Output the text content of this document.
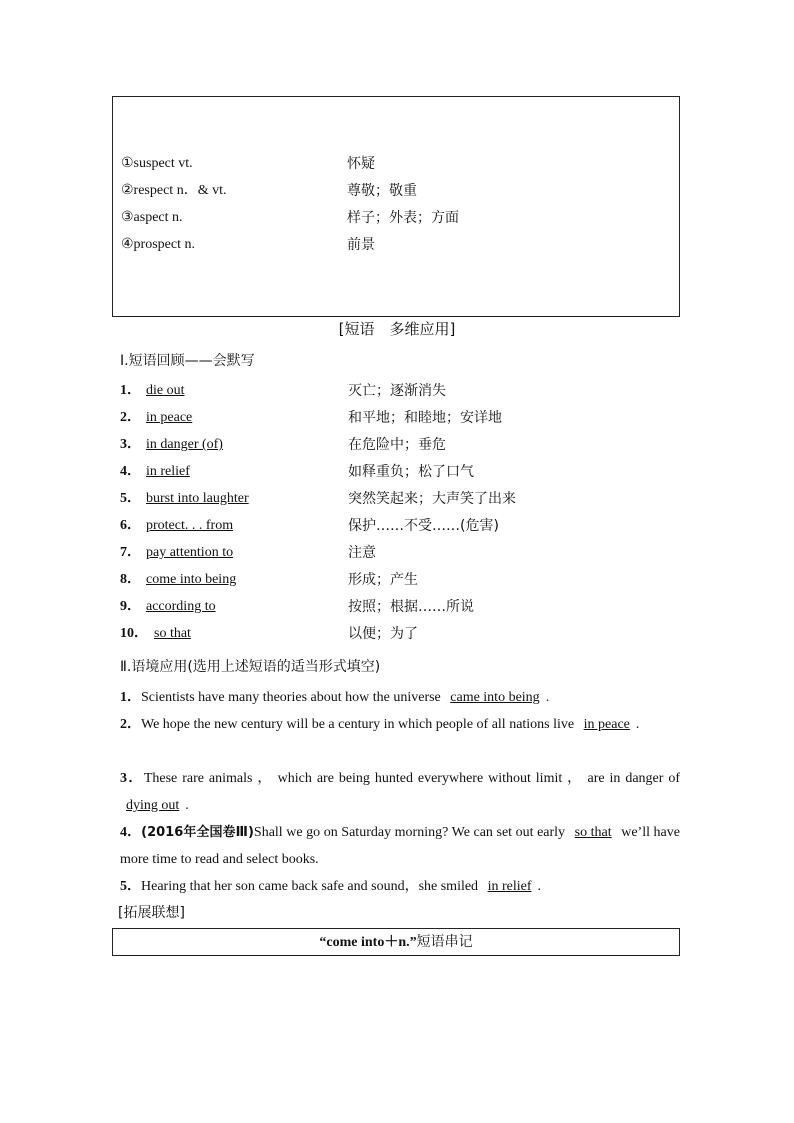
①suspect vt.	怀疑
②respect n．& vt.	尊敬；敬重
③aspect n.	样子；外表；方面
④prospect n.	前景
[短语　多维应用]
Ⅰ.短语回顾——会默写
1． die out	灭亡；逐渐消失
2． in peace	和平地；和睦地；安详地
3． in danger (of)	在危险中；垂危
4． in relief	如释重负；松了口气
5． burst into laughter	突然笑起来；大声笑了出来
6． protect. . . from	保护……不受……(危害)
7． pay attention to	注意
8． come into being	形成；产生
9． according to	按照；根据……所说
10． so that	以便；为了
Ⅱ.语境应用(选用上述短语的适当形式填空)
1．Scientists have many theories about how the universe came into being .
2．We hope the new century will be a century in which people of all nations live in peace .
3．These rare animals ， which are being hunted everywhere without limit ， are in danger of dying out .
4．(2016年全国卷Ⅲ)Shall we go on Saturday morning? We can set out early so that we’ll have more time to read and select books.
5．Hearing that her son came back safe and sound，she smiled in relief .
[拓展联想]
“come into＋n.”短语串记
